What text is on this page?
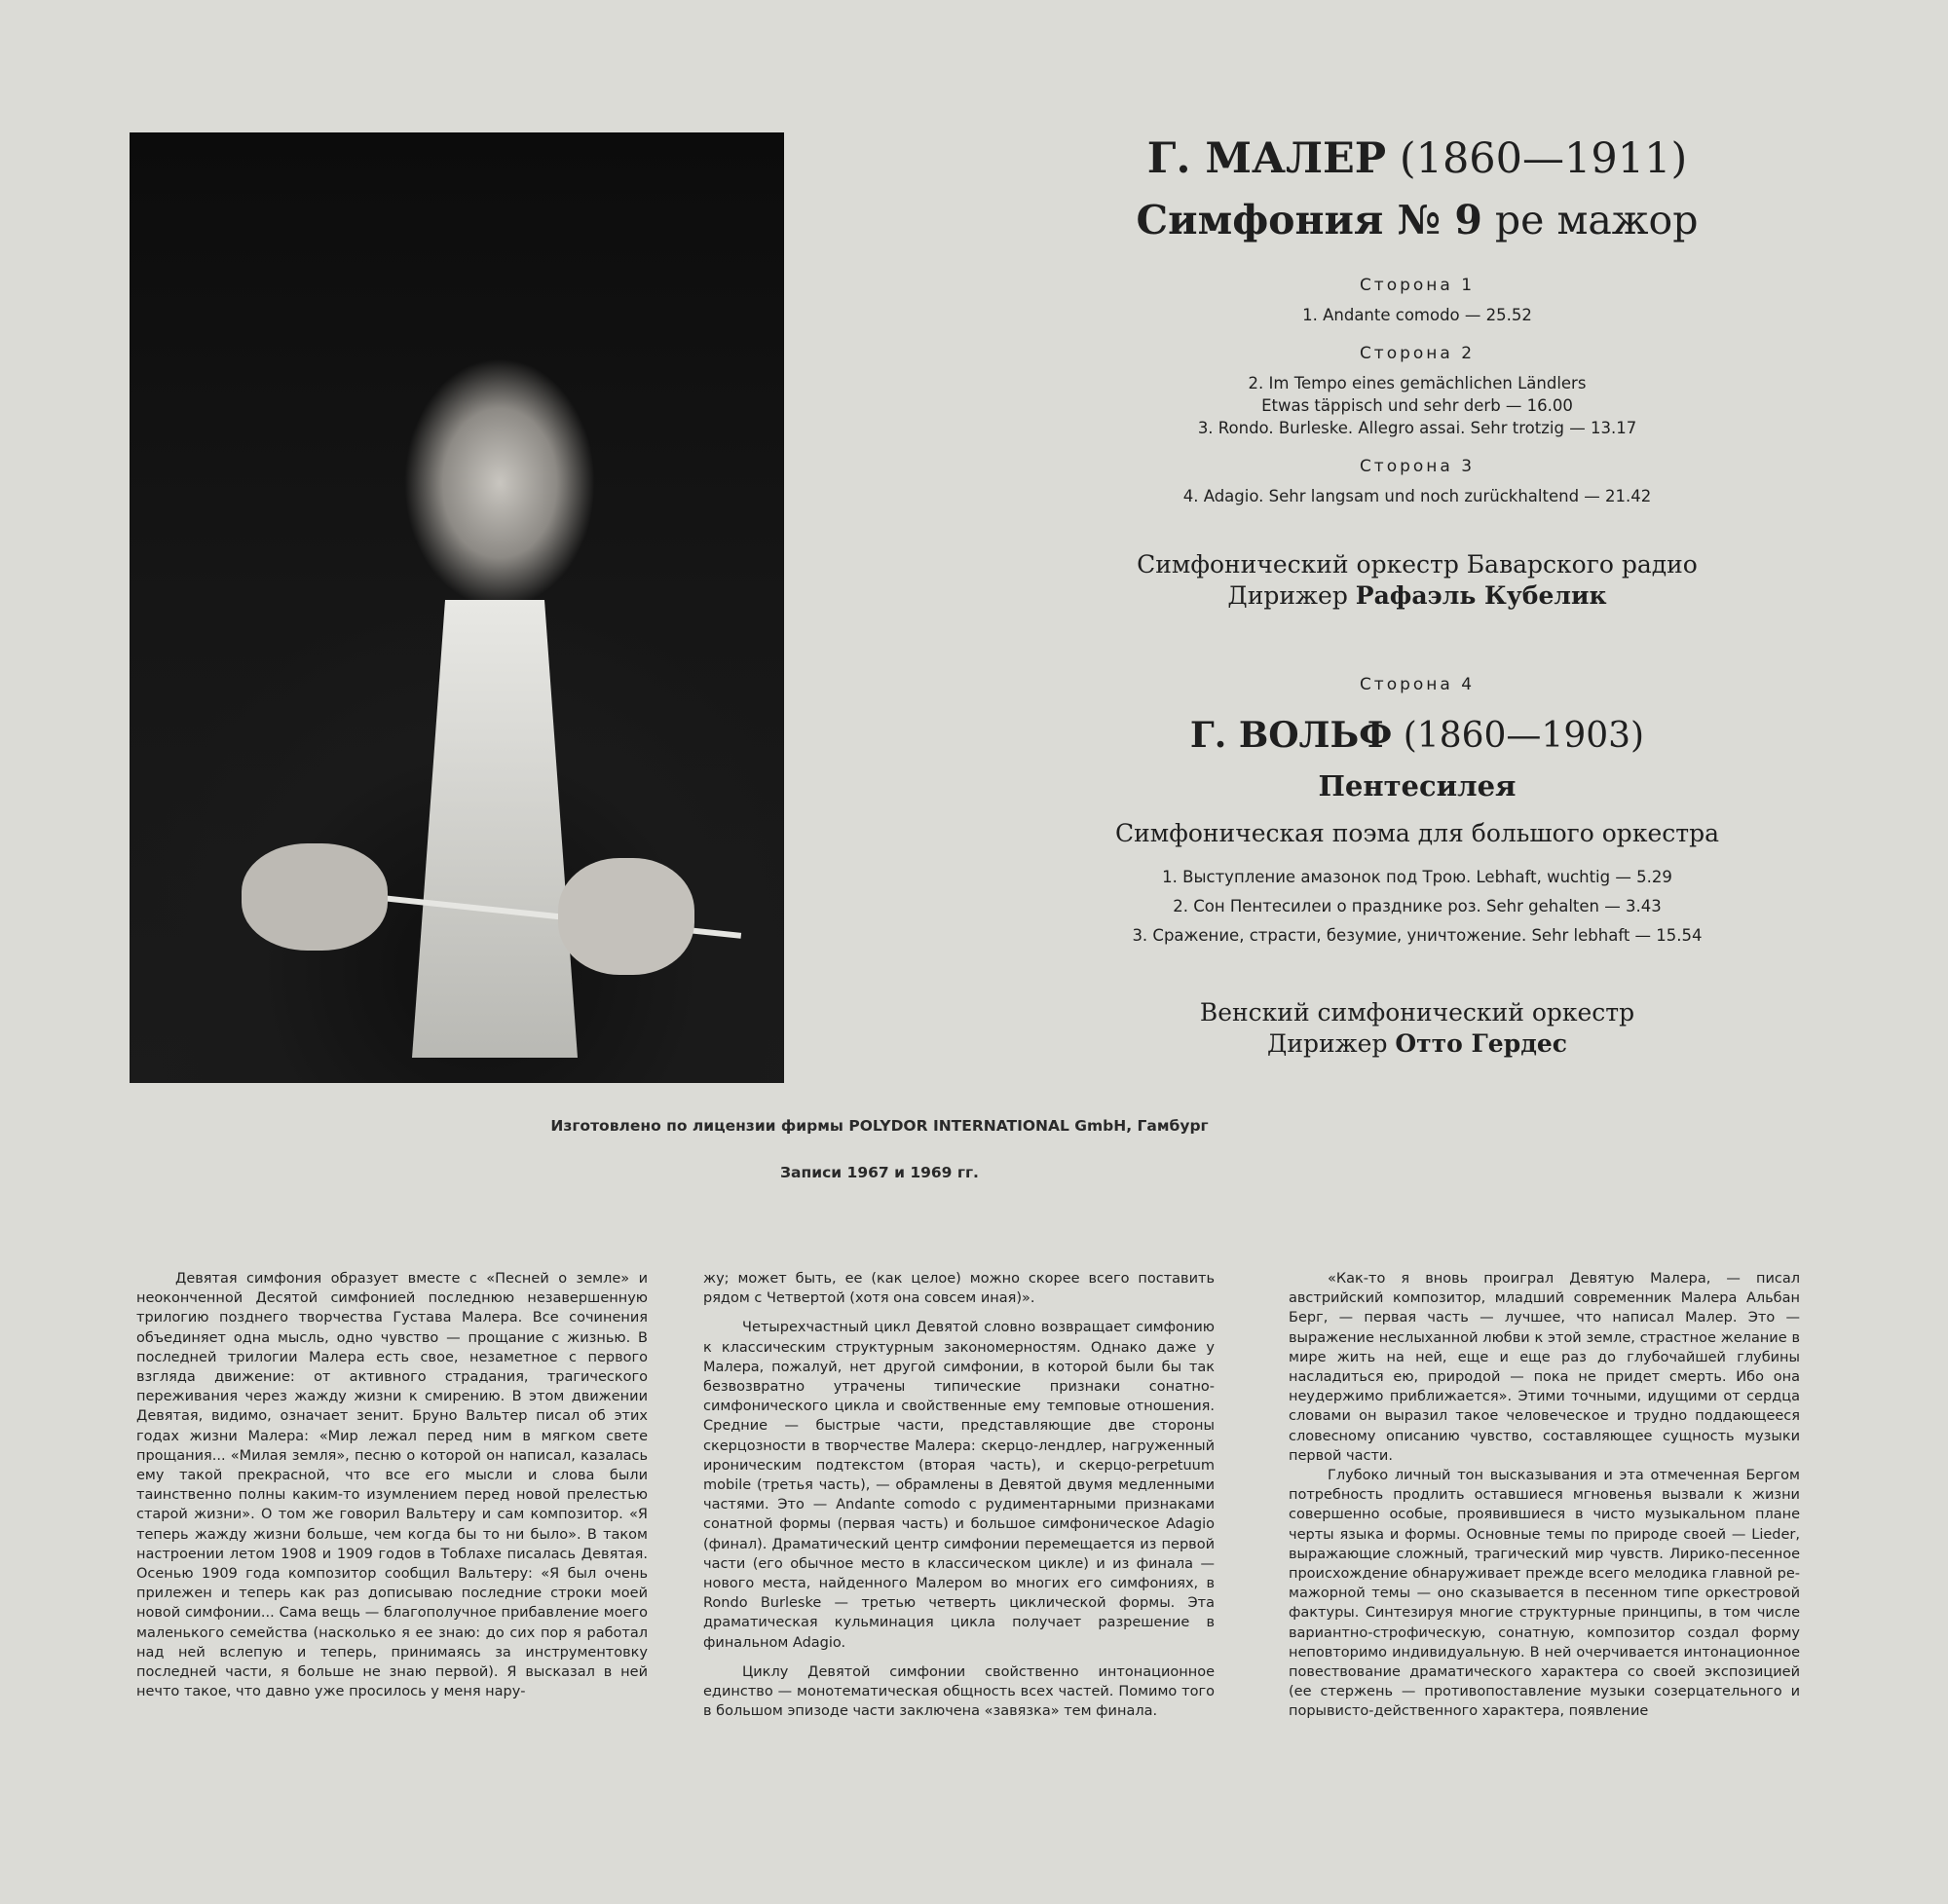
Г. МАЛЕР (1860—1911)
Симфония № 9 ре мажор
Сторона 1
1. Andante comodo — 25.52
Сторона 2
2. Im Tempo eines gemächlichen Ländlers
Etwas täppisch und sehr derb — 16.00
3. Rondo. Burleske. Allegro assai. Sehr trotzig — 13.17
Сторона 3
4. Adagio. Sehr langsam und noch zurückhaltend — 21.42
Симфонический оркестр Баварского радио
Дирижер Рафаэль Кубелик
Сторона 4
Г. ВОЛЬФ (1860—1903)
Пентесилея
Симфоническая поэма для большого оркестра
1. Выступление амазонок под Трою. Lebhaft, wuchtig — 5.29
2. Сон Пентесилеи о празднике роз. Sehr gehalten — 3.43
3. Сражение, страсти, безумие, уничтожение. Sehr lebhaft — 15.54
Венский симфонический оркестр
Дирижер Отто Гердес
Изготовлено по лицензии фирмы POLYDOR INTERNATIONAL GmbH, Гамбург
Записи 1967 и 1969 гг.

Девятая симфония образует вместе с «Песней о земле» и неоконченной Десятой симфонией последнюю незавершенную трилогию позднего творчества Густава Малера. Все сочинения объединяет одна мысль, одно чувство — прощание с жизнью. В последней трилогии Малера есть свое, незаметное с первого взгляда движение: от активного страдания, трагического переживания через жажду жизни к смирению. В этом движении Девятая, видимо, означает зенит. Бруно Вальтер писал об этих годах жизни Малера: «Мир лежал перед ним в мягком свете прощания... «Милая земля», песню о которой он написал, казалась ему такой прекрасной, что все его мысли и слова были таинственно полны каким-то изумлением перед новой прелестью старой жизни». О том же говорил Вальтеру и сам композитор. «Я теперь жажду жизни больше, чем когда бы то ни было». В таком настроении летом 1908 и 1909 годов в Тоблахе писалась Девятая. Осенью 1909 года композитор сообщил Вальтеру: «Я был очень прилежен и теперь как раз дописываю последние строки моей новой симфонии... Сама вещь — благополучное прибавление моего маленького семейства (насколько я ее знаю: до сих пор я работал над ней вслепую и теперь, принимаясь за инструментовку последней части, я больше не знаю первой). Я высказал в ней нечто такое, что давно уже просилось у меня нару-

жу; может быть, ее (как целое) можно скорее всего поставить рядом с Четвертой (хотя она совсем иная)».

Четырехчастный цикл Девятой словно возвращает симфонию к классическим структурным закономерностям. Однако даже у Малера, пожалуй, нет другой симфонии, в которой были бы так безвозвратно утрачены типические признаки сонатно-симфонического цикла и свойственные ему темповые отношения. Средние — быстрые части, представляющие две стороны скерцозности в творчестве Малера: скерцо-лендлер, нагруженный ироническим подтекстом (вторая часть), и скерцо-perpetuum mobile (третья часть), — обрамлены в Девятой двумя медленными частями. Это — Andante comodo с рудиментарными признаками сонатной формы (первая часть) и большое симфоническое Adagio (финал). Драматический центр симфонии перемещается из первой части (его обычное место в классическом цикле) и из финала — нового места, найденного Малером во многих его симфониях, в Rondo Burleske — третью четверть циклической формы. Эта драматическая кульминация цикла получает разрешение в финальном Adagio.

Циклу Девятой симфонии свойственно интонационное единство — монотематическая общность всех частей. Помимо того в большом эпизоде части заключена «завязка» тем финала.

«Как-то я вновь проиграл Девятую Малера, — писал австрийский композитор, младший современник Малера Альбан Берг, — первая часть — лучшее, что написал Малер. Это — выражение неслыханной любви к этой земле, страстное желание в мире жить на ней, еще и еще раз до глубочайшей глубины насладиться ею, природой — пока не придет смерть. Ибо она неудержимо приближается». Этими точными, идущими от сердца словами он выразил такое человеческое и трудно поддающееся словесному описанию чувство, составляющее сущность музыки первой части.

Глубоко личный тон высказывания и эта отмеченная Бергом потребность продлить оставшиеся мгновенья вызвали к жизни совершенно особые, проявившиеся в чисто музыкальном плане черты языка и формы. Основные темы по природе своей — Lieder, выражающие сложный, трагический мир чувств. Лирико-песенное происхождение обнаруживает прежде всего мелодика главной ре-мажорной темы — оно сказывается в песенном типе оркестровой фактуры. Синтезируя многие структурные принципы, в том числе вариантно-строфическую, сонатную, композитор создал форму неповторимо индивидуальную. В ней очерчивается интонационное повествование драматического характера со своей экспозицией (ее стержень — противопоставление музыки созерцательного и порывисто-действенного характера, появление
